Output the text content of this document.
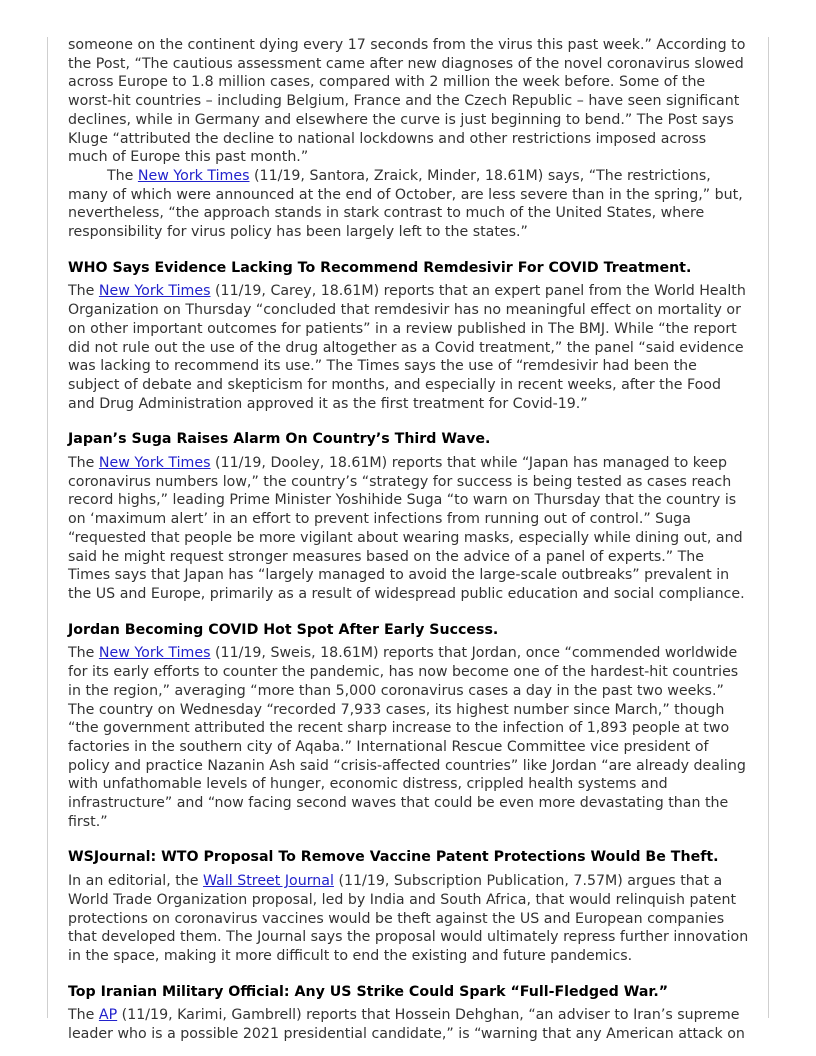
someone on the continent dying every 17 seconds from the virus this past week.” According to the Post, “The cautious assessment came after new diagnoses of the novel coronavirus slowed across Europe to 1.8 million cases, compared with 2 million the week before. Some of the worst-hit countries – including Belgium, France and the Czech Republic – have seen significant declines, while in Germany and elsewhere the curve is just beginning to bend.” The Post says Kluge “attributed the decline to national lockdowns and other restrictions imposed across much of Europe this past month.”

The New York Times (11/19, Santora, Zraick, Minder, 18.61M) says, “The restrictions, many of which were announced at the end of October, are less severe than in the spring,” but, nevertheless, “the approach stands in stark contrast to much of the United States, where responsibility for virus policy has been largely left to the states.”

WHO Says Evidence Lacking To Recommend Remdesivir For COVID Treatment.

The New York Times (11/19, Carey, 18.61M) reports that an expert panel from the World Health Organization on Thursday “concluded that remdesivir has no meaningful effect on mortality or on other important outcomes for patients” in a review published in The BMJ. While “the report did not rule out the use of the drug altogether as a Covid treatment,” the panel “said evidence was lacking to recommend its use.” The Times says the use of “remdesivir had been the subject of debate and skepticism for months, and especially in recent weeks, after the Food and Drug Administration approved it as the first treatment for Covid-19.”

Japan’s Suga Raises Alarm On Country’s Third Wave.

The New York Times (11/19, Dooley, 18.61M) reports that while “Japan has managed to keep coronavirus numbers low,” the country’s “strategy for success is being tested as cases reach record highs,” leading Prime Minister Yoshihide Suga “to warn on Thursday that the country is on ‘maximum alert’ in an effort to prevent infections from running out of control.” Suga “requested that people be more vigilant about wearing masks, especially while dining out, and said he might request stronger measures based on the advice of a panel of experts.” The Times says that Japan has “largely managed to avoid the large-scale outbreaks” prevalent in the US and Europe, primarily as a result of widespread public education and social compliance.

Jordan Becoming COVID Hot Spot After Early Success.

The New York Times (11/19, Sweis, 18.61M) reports that Jordan, once “commended worldwide for its early efforts to counter the pandemic, has now become one of the hardest-hit countries in the region,” averaging “more than 5,000 coronavirus cases a day in the past two weeks.” The country on Wednesday “recorded 7,933 cases, its highest number since March,” though “the government attributed the recent sharp increase to the infection of 1,893 people at two factories in the southern city of Aqaba.” International Rescue Committee vice president of policy and practice Nazanin Ash said “crisis-affected countries” like Jordan “are already dealing with unfathomable levels of hunger, economic distress, crippled health systems and infrastructure” and “now facing second waves that could be even more devastating than the first.”

WSJournal: WTO Proposal To Remove Vaccine Patent Protections Would Be Theft.

In an editorial, the Wall Street Journal (11/19, Subscription Publication, 7.57M) argues that a World Trade Organization proposal, led by India and South Africa, that would relinquish patent protections on coronavirus vaccines would be theft against the US and European companies that developed them. The Journal says the proposal would ultimately repress further innovation in the space, making it more difficult to end the existing and future pandemics.

Top Iranian Military Official: Any US Strike Could Spark “Full-Fledged War.”

The AP (11/19, Karimi, Gambrell) reports that Hossein Dehghan, “an adviser to Iran’s supreme leader who is a possible 2021 presidential candidate,” is “warning that any American attack on
